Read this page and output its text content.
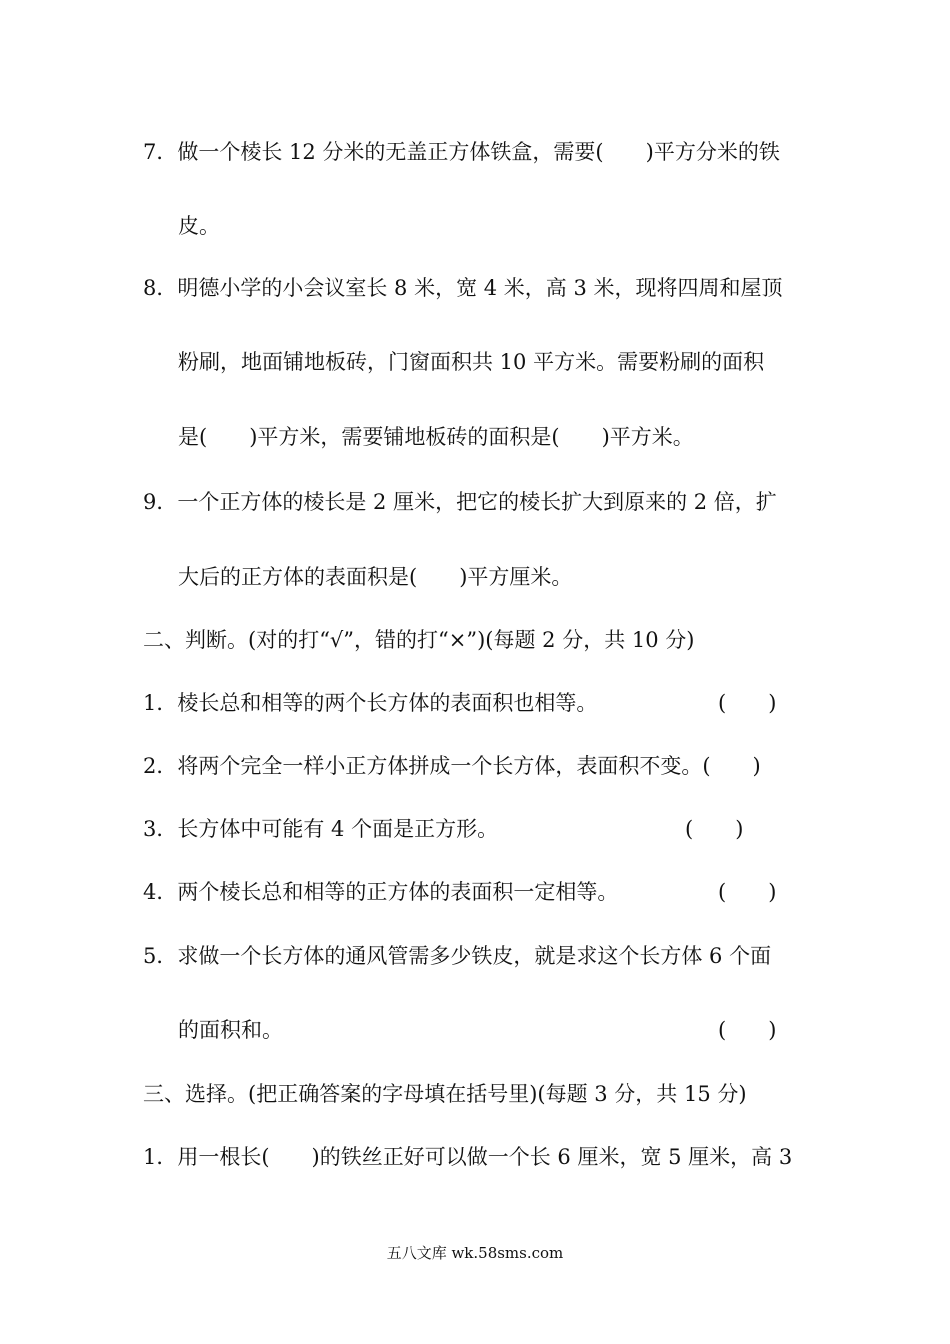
7．做一个棱长 12 分米的无盖正方体铁盒，需要(　　)平方分米的铁
皮。
8．明德小学的小会议室长 8 米，宽 4 米，高 3 米，现将四周和屋顶
粉刷，地面铺地板砖，门窗面积共 10 平方米。需要粉刷的面积
是(　　)平方米，需要铺地板砖的面积是(　　)平方米。
9．一个正方体的棱长是 2 厘米，把它的棱长扩大到原来的 2 倍，扩
大后的正方体的表面积是(　　)平方厘米。
二、判断。(对的打“√”，错的打“×”)(每题 2 分，共 10 分)
1．棱长总和相等的两个长方体的表面积也相等。	(　　)
2．将两个完全一样小正方体拼成一个长方体，表面积不变。(　　)
3．长方体中可能有 4 个面是正方形。	(　　)
4．两个棱长总和相等的正方体的表面积一定相等。	(　　)
5．求做一个长方体的通风管需多少铁皮，就是求这个长方体 6 个面
的面积和。	(　　)
三、选择。(把正确答案的字母填在括号里)(每题 3 分，共 15 分)
1．用一根长(　　)的铁丝正好可以做一个长 6 厘米，宽 5 厘米，高 3
五八文库 wk.58sms.com
